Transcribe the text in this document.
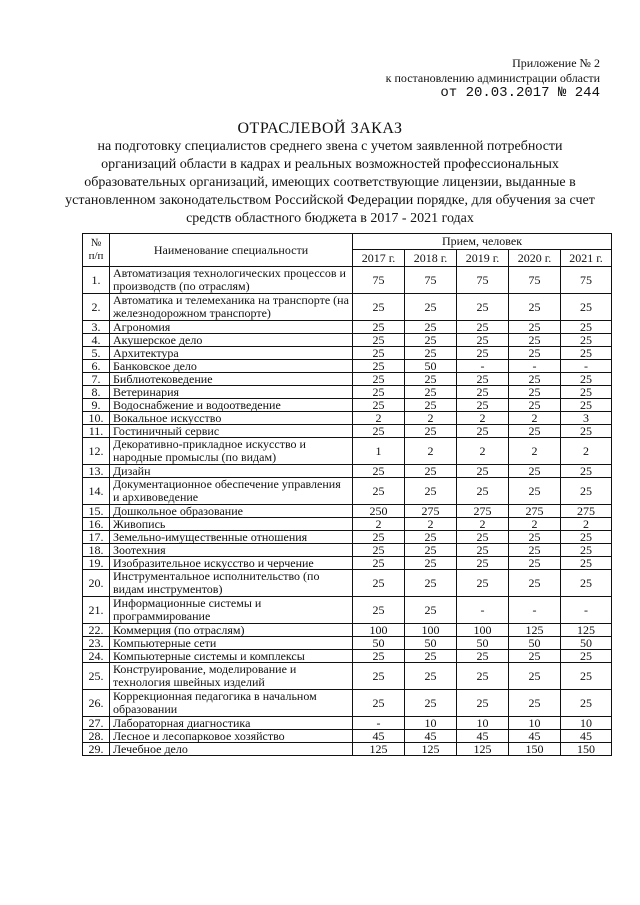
Приложение № 2
к постановлению администрации области
от 20.03.2017 № 244
ОТРАСЛЕВОЙ ЗАКАЗ
на подготовку специалистов среднего звена с учетом заявленной потребности организаций области в кадрах и реальных возможностей профессиональных образовательных организаций, имеющих соответствующие лицензии, выданные в установленном законодательством Российской Федерации порядке, для обучения за счет средств областного бюджета в 2017 - 2021 годах
№
п/п	Наименование специальности	Прием, человек				
		2017 г.	2018 г.	2019 г.	2020 г.	2021 г.
1.	Автоматизация технологических процессов и производств (по отраслям)	75	75	75	75	75
2.	Автоматика и телемеханика на транспорте (на железнодорожном транспорте)	25	25	25	25	25
3.	Агрономия	25	25	25	25	25
4.	Акушерское дело	25	25	25	25	25
5.	Архитектура	25	25	25	25	25
6.	Банковское дело	25	50	-	-	-
7.	Библиотековедение	25	25	25	25	25
8.	Ветеринария	25	25	25	25	25
9.	Водоснабжение и водоотведение	25	25	25	25	25
10.	Вокальное искусство	2	2	2	2	3
11.	Гостиничный сервис	25	25	25	25	25
12.	Декоративно-прикладное искусство и народные промыслы (по видам)	1	2	2	2	2
13.	Дизайн	25	25	25	25	25
14.	Документационное обеспечение управления и архивоведение	25	25	25	25	25
15.	Дошкольное образование	250	275	275	275	275
16.	Живопись	2	2	2	2	2
17.	Земельно-имущественные отношения	25	25	25	25	25
18.	Зоотехния	25	25	25	25	25
19.	Изобразительное искусство и черчение	25	25	25	25	25
20.	Инструментальное исполнительство (по видам инструментов)	25	25	25	25	25
21.	Информационные системы и программирование	25	25	-	-	-
22.	Коммерция (по отраслям)	100	100	100	125	125
23.	Компьютерные сети	50	50	50	50	50
24.	Компьютерные системы и комплексы	25	25	25	25	25
25.	Конструирование, моделирование и технология швейных изделий	25	25	25	25	25
26.	Коррекционная педагогика в начальном образовании	25	25	25	25	25
27.	Лабораторная диагностика	-	10	10	10	10
28.	Лесное и лесопарковое хозяйство	45	45	45	45	45
29.	Лечебное дело	125	125	125	150	150
